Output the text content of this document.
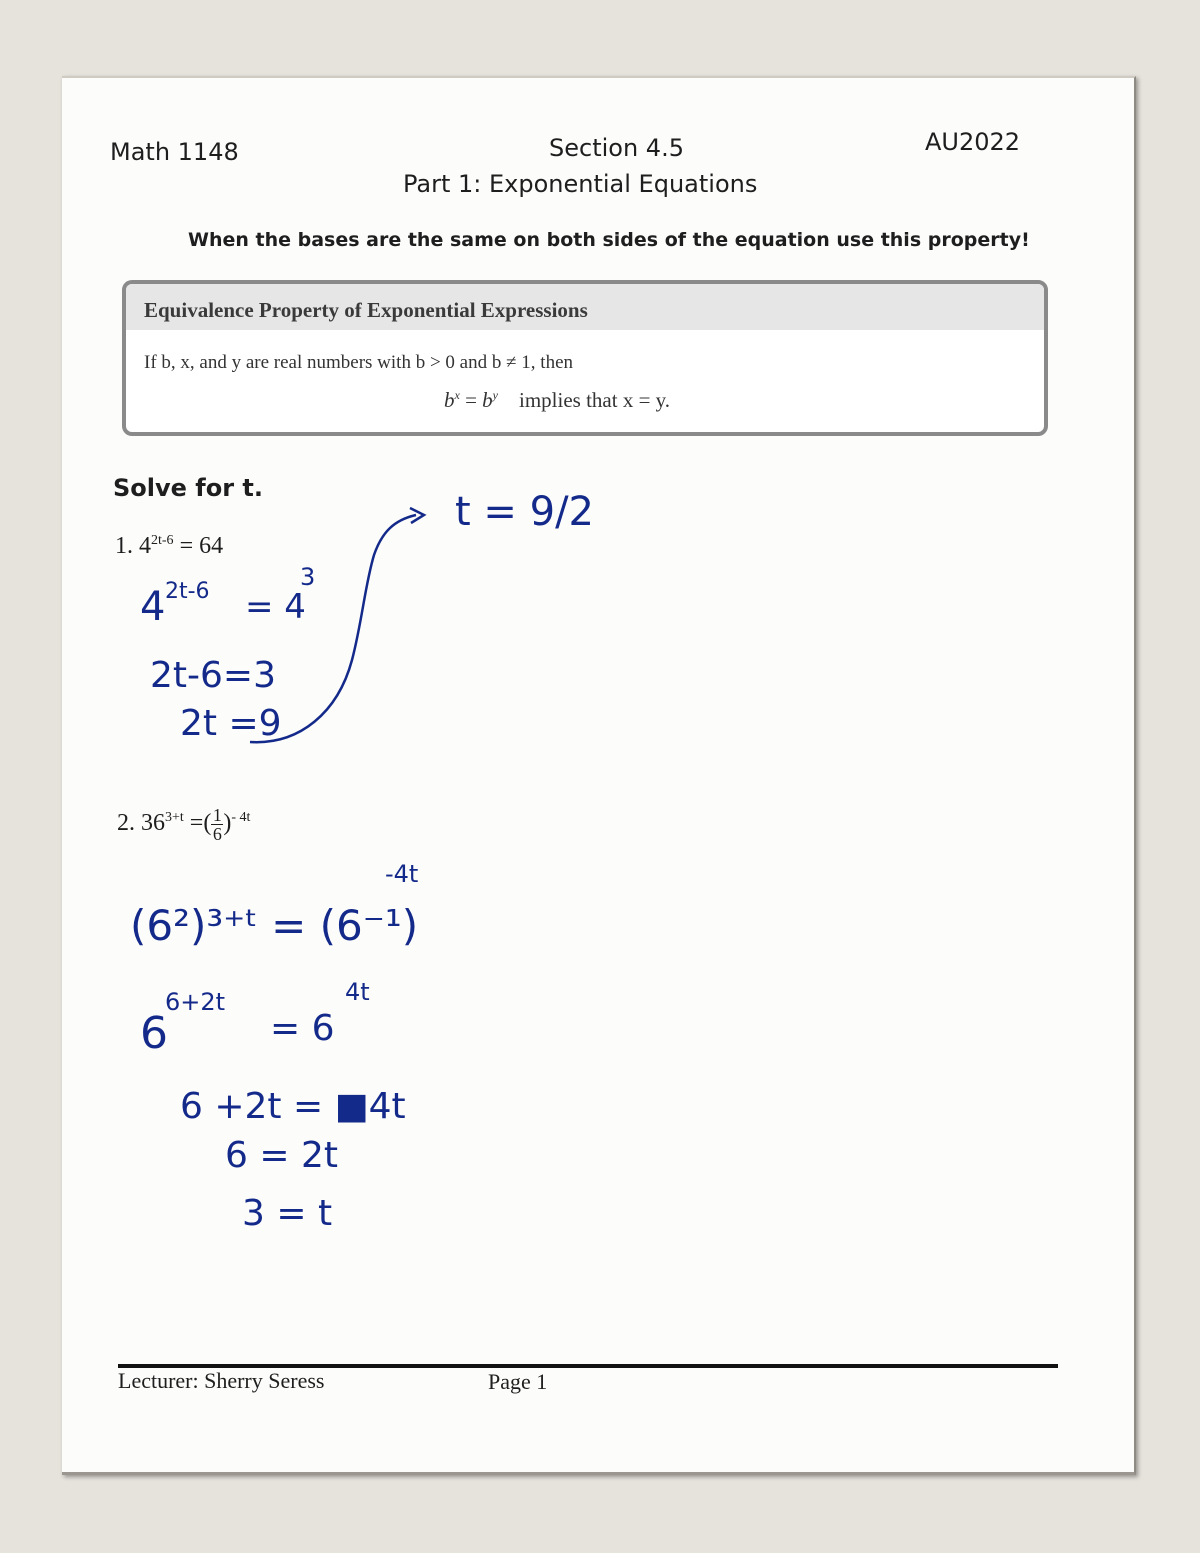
Math 1148	Section 4.5	AU2022
Part 1: Exponential Equations
When the bases are the same on both sides of the equation use this property!
Equivalence Property of Exponential Expressions
If b, x, and y are real numbers with b > 0 and b ≠ 1, then
$b^x = b^y$ implies that x = y.
Solve for t.
1. $4^{2t-6} = 64$
2. $36^{3+t}$ =( $\frac{1}{6} )^{- 4t}$
t = 9/2
4 2t-6 = 4
3
2t-6=3
2t =9
(6²)³⁺ᵗ = (6⁻¹)
-4t
6
6+2t
= 6
4t
6 +2t = ■4t
6 = 2t
3 = t
Lecturer: Sherry Seress	Page 1
